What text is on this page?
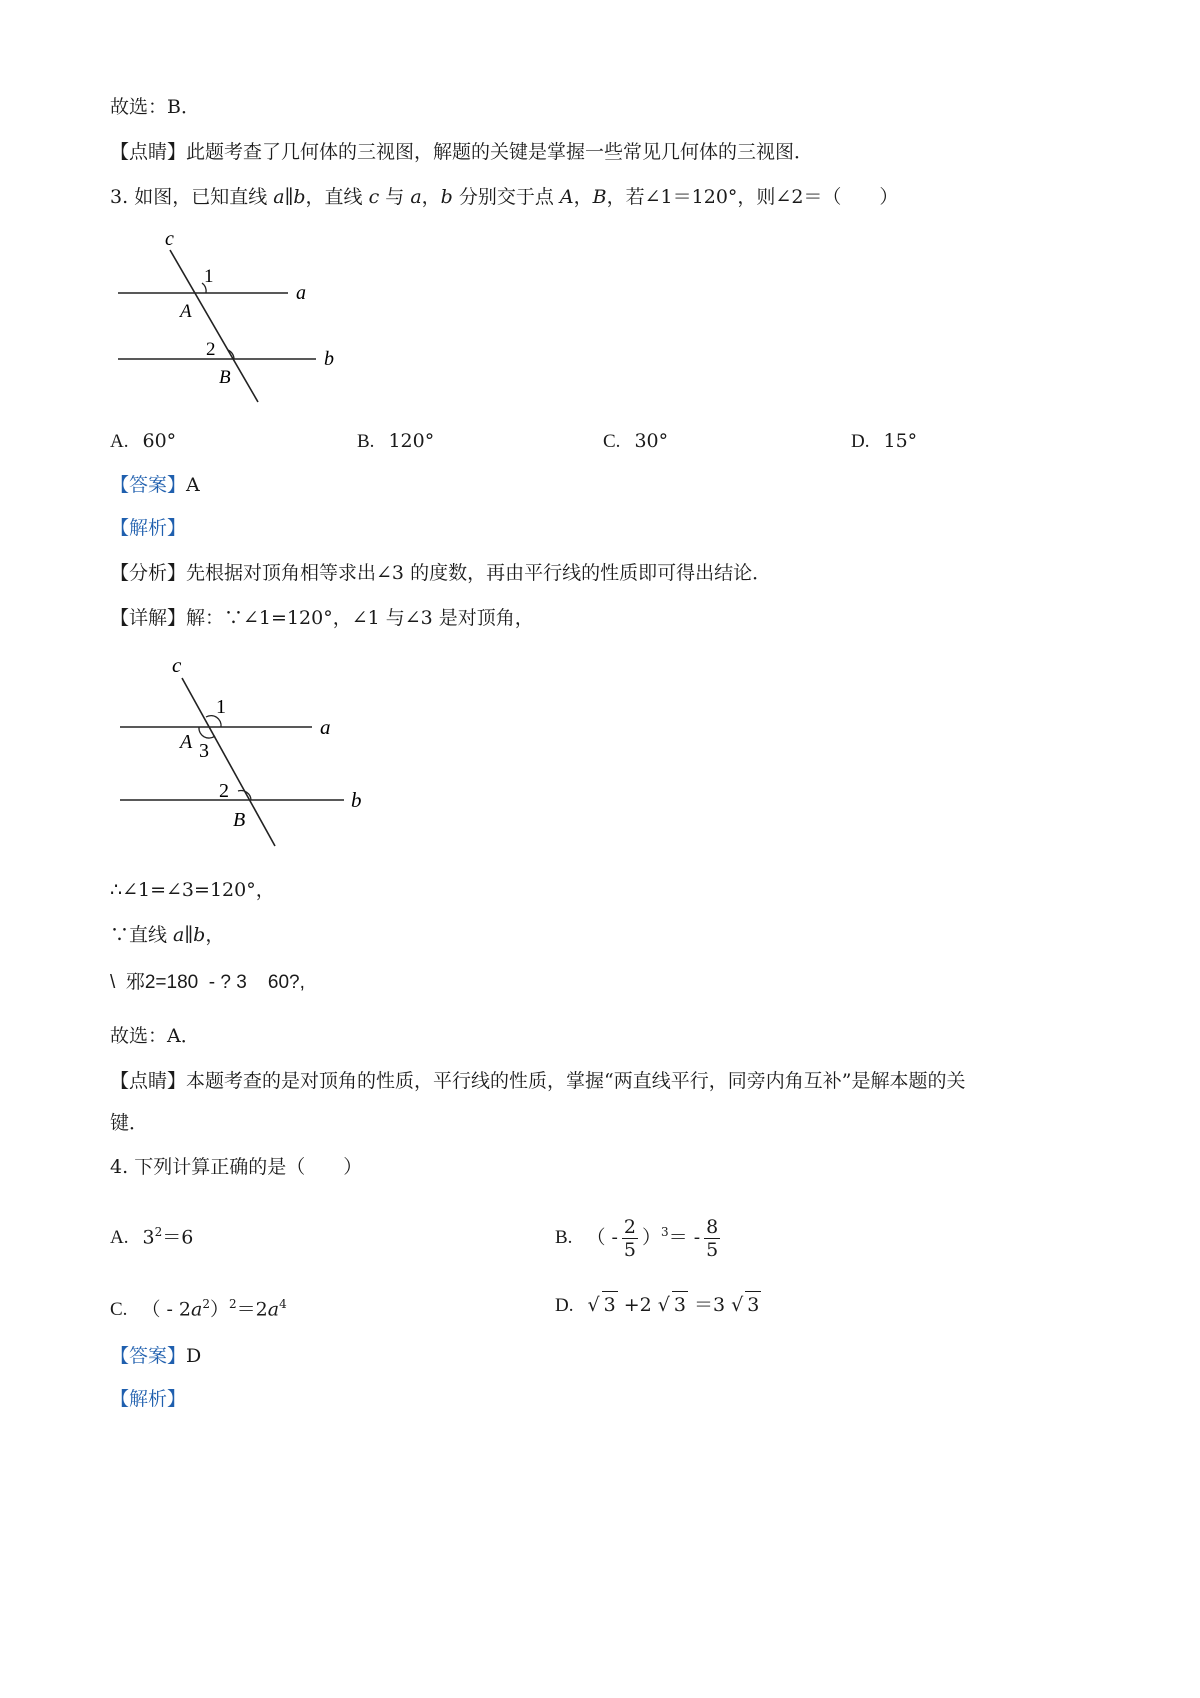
故选：B．
【点睛】此题考查了几何体的三视图，解题的关键是掌握一些常见几何体的三视图．
3. 如图，已知直线 a∥b，直线 c 与 a，b 分别交于点 A，B，若∠1＝120°，则∠2＝（　　）
c
1
a
A
2	b
B
A. 60°	B. 120°	C. 30°	D. 15°
【答案】A
【解析】
【分析】先根据对顶角相等求出∠3 的度数，再由平行线的性质即可得出结论．
【详解】解：∵∠1=120°，∠1 与∠3 是对顶角，
c
1
a
A 3
2	b
B
∴∠1=∠3=120°，
∵直线 a∥b，
\  邪2=180  - ? 3    60?,
故选：A．
【点睛】本题考查的是对顶角的性质，平行线的性质，掌握“两直线平行，同旁内角互补”是解本题的关
键．
4. 下列计算正确的是（　　）
A. $3^2=6$	B. （ - $\frac{2}{5} )^3= - \frac{8}{5}$
C. （ - $2a^2)^2=2a^4$	D. √ 3 +2 √ 3 ＝3 √ 3
【答案】D
【解析】
